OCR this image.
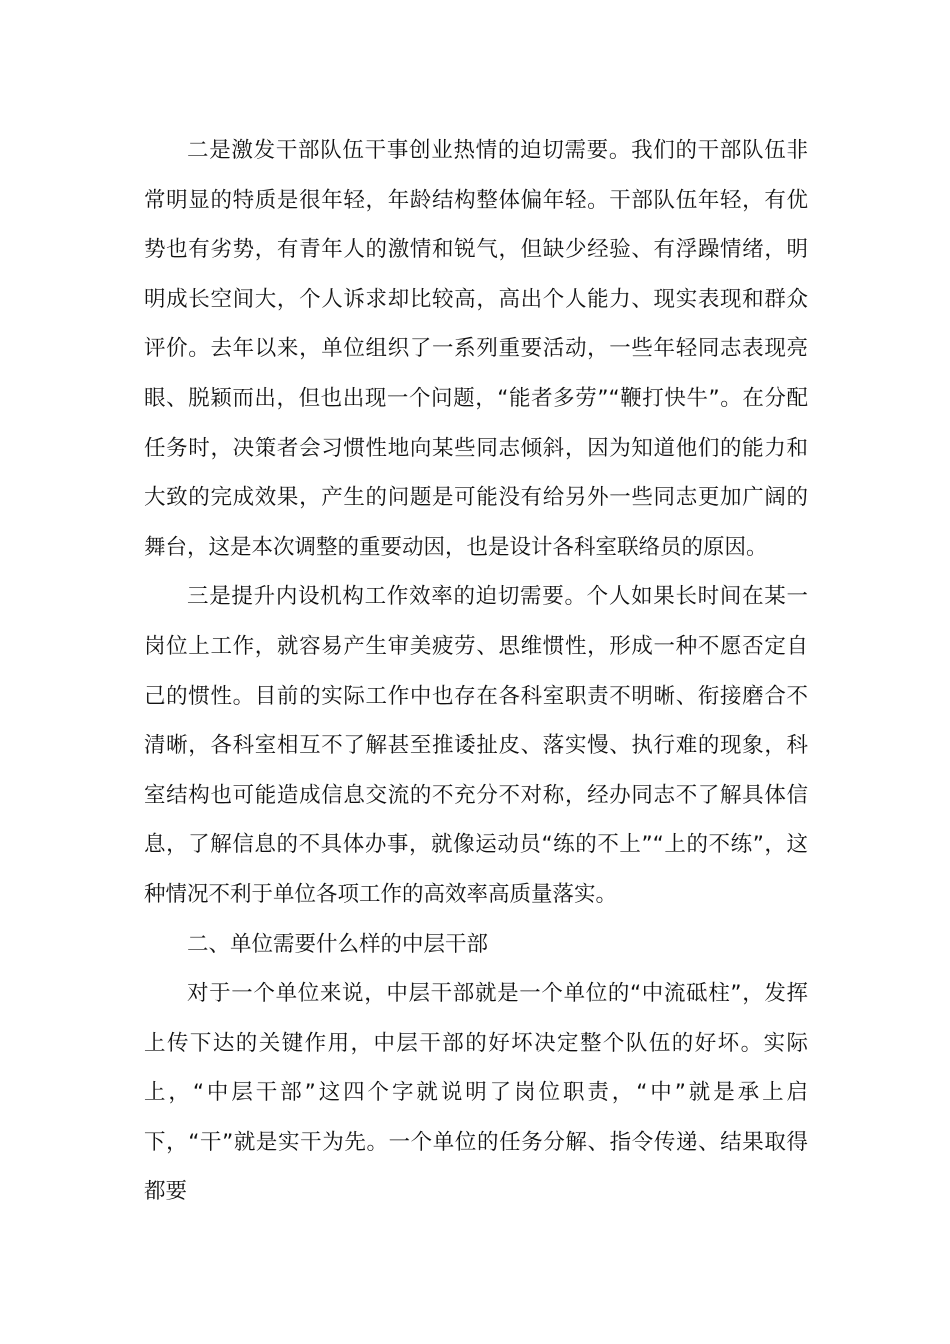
二是激发干部队伍干事创业热情的迫切需要。我们的干部队伍非常明显的特质是很年轻，年龄结构整体偏年轻。干部队伍年轻，有优势也有劣势，有青年人的激情和锐气，但缺少经验、有浮躁情绪，明明成长空间大，个人诉求却比较高，高出个人能力、现实表现和群众评价。去年以来，单位组织了一系列重要活动，一些年轻同志表现亮眼、脱颖而出，但也出现一个问题，“能者多劳”“鞭打快牛”。在分配任务时，决策者会习惯性地向某些同志倾斜，因为知道他们的能力和大致的完成效果，产生的问题是可能没有给另外一些同志更加广阔的舞台，这是本次调整的重要动因，也是设计各科室联络员的原因。

三是提升内设机构工作效率的迫切需要。个人如果长时间在某一岗位上工作，就容易产生审美疲劳、思维惯性，形成一种不愿否定自己的惯性。目前的实际工作中也存在各科室职责不明晰、衔接磨合不清晰，各科室相互不了解甚至推诿扯皮、落实慢、执行难的现象，科室结构也可能造成信息交流的不充分不对称，经办同志不了解具体信息，了解信息的不具体办事，就像运动员“练的不上”“上的不练”，这种情况不利于单位各项工作的高效率高质量落实。

二、单位需要什么样的中层干部

对于一个单位来说，中层干部就是一个单位的“中流砥柱”，发挥上传下达的关键作用，中层干部的好坏决定整个队伍的好坏。实际上，“中层干部”这四个字就说明了岗位职责，“中”就是承上启下，“干”就是实干为先。一个单位的任务分解、指令传递、结果取得都要
